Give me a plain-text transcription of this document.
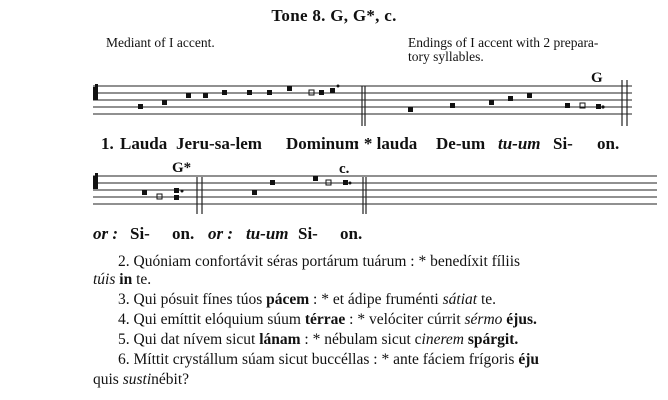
Tone 8. G, G*, c.
Mediant of I accent.	Endings of I accent with 2 prepara-
tory syllables.
G
G*	c.
1. Lauda Jeru-sa-lem Dominum
: * lauda De-um tu-um Si- on.
or : Si- on. or : tu-um Si- on.
2. Quóniam confortávit séras portárum tuárum : * benedíxit fíliis
túis in te.
3. Qui pósuit fínes túos pácem : * et ádipe fruménti sátiat te.
4. Qui emíttit elóquium súum térrae : * velóciter cúrrit sérmo éjus.
5. Qui dat nívem sicut lánam : * nébulam sicut cinerem spárgit.
6. Míttit crystállum súam sicut buccéllas : * ante fáciem frígoris éju
quis sustinébit?
